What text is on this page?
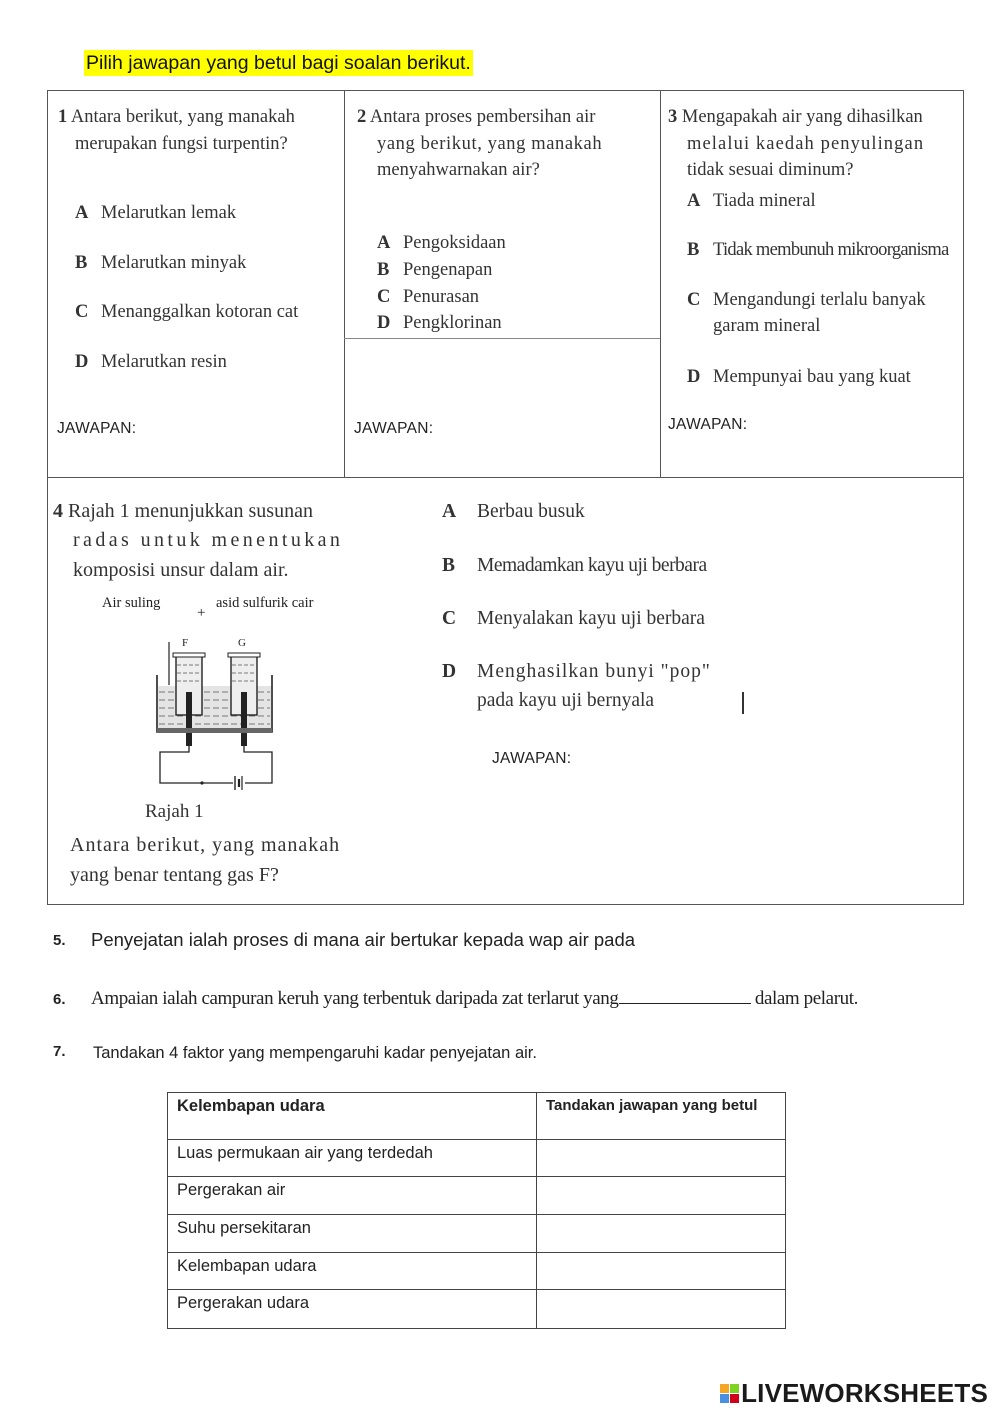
Pilih jawapan yang betul bagi soalan berikut.
1 Antara berikut, yang manakah
merupakan fungsi turpentin?
A Melarutkan lemak
B Melarutkan minyak
C Menanggalkan kotoran cat
D Melarutkan resin
JAWAPAN:
2 Antara proses pembersihan air
yang berikut, yang manakah
menyahwarnakan air?
A Pengoksidaan
B Pengenapan
C Penurasan
D Pengklorinan
JAWAPAN:
3 Mengapakah air yang dihasilkan
melalui kaedah penyulingan
tidak sesuai diminum?
A Tiada mineral
B Tidak membunuh mikroorganisma
C Mengandungi terlalu banyak
garam mineral
D Mempunyai bau yang kuat
JAWAPAN:
4 Rajah 1 menunjukkan susunan
radas untuk menentukan
komposisi unsur dalam air.
Air suling
+
asid sulfurik cair
F	G
Rajah 1
Antara berikut, yang manakah
yang benar tentang gas F?
A Berbau busuk
B Memadamkan kayu uji berbara
C Menyalakan kayu uji berbara
D Menghasilkan bunyi "pop"
pada kayu uji bernyala
JAWAPAN:
5. Penyejatan ialah proses di mana air bertukar kepada wap air pada
6. Ampaian ialah campuran keruh yang terbentuk daripada zat terlarut yang	dalam pelarut.
7. Tandakan 4 faktor yang mempengaruhi kadar penyejatan air.
Kelembapan udara	Tandakan jawapan yang betul
Luas permukaan air yang terdedah	
Pergerakan air	
Suhu persekitaran	
Kelembapan udara	
Pergerakan udara	
LIVEWORKSHEETS
